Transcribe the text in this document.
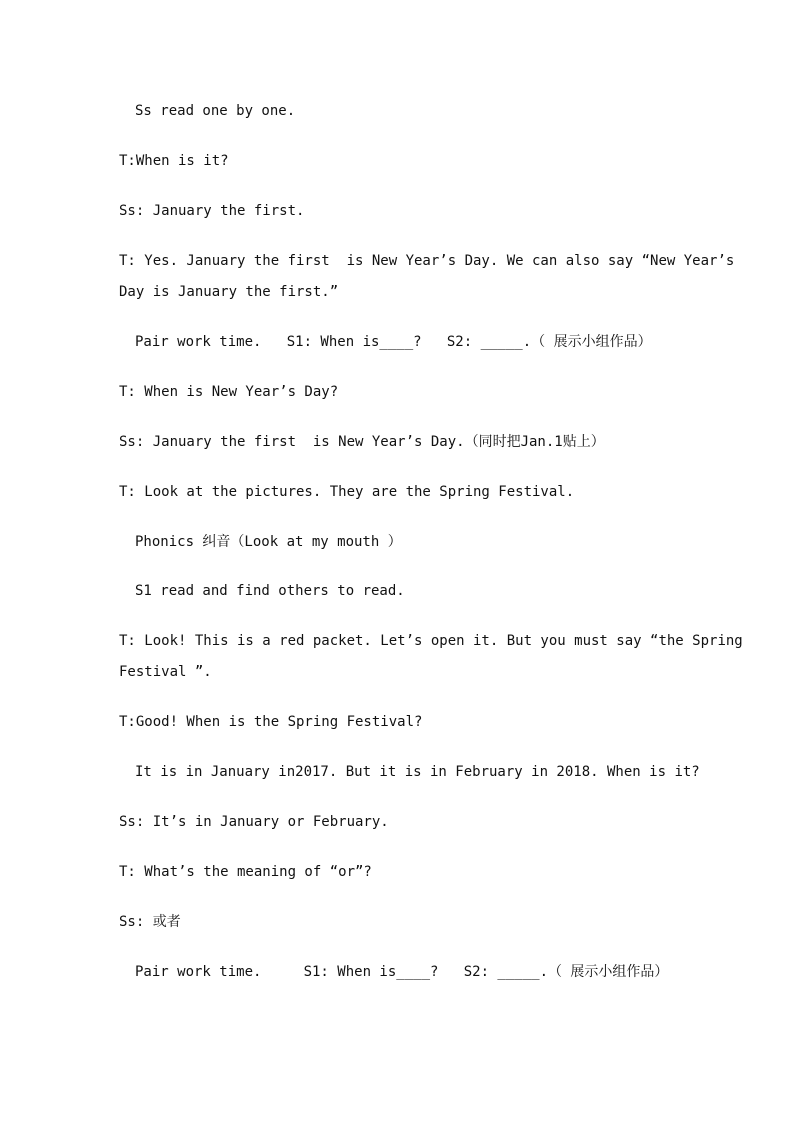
Ss read one by one.
T:When is it?
Ss: January the first.
T: Yes. January the first  is New Year’s Day. We can also say “New Year’s
Day is January the first.”
Pair work time.   S1: When is____?   S2: _____.（ 展示小组作品）
T: When is New Year’s Day?
Ss: January the first  is New Year’s Day.（同时把Jan.1贴上）
T: Look at the pictures. They are the Spring Festival.
Phonics 纠音（Look at my mouth ）
S1 read and find others to read.
T: Look! This is a red packet. Let’s open it. But you must say “the Spring
Festival ”.
T:Good! When is the Spring Festival?
It is in January in2017. But it is in February in 2018. When is it?
Ss: It’s in January or February.
T: What’s the meaning of “or”?
Ss: 或者
Pair work time.     S1: When is____?   S2: _____.（ 展示小组作品）
